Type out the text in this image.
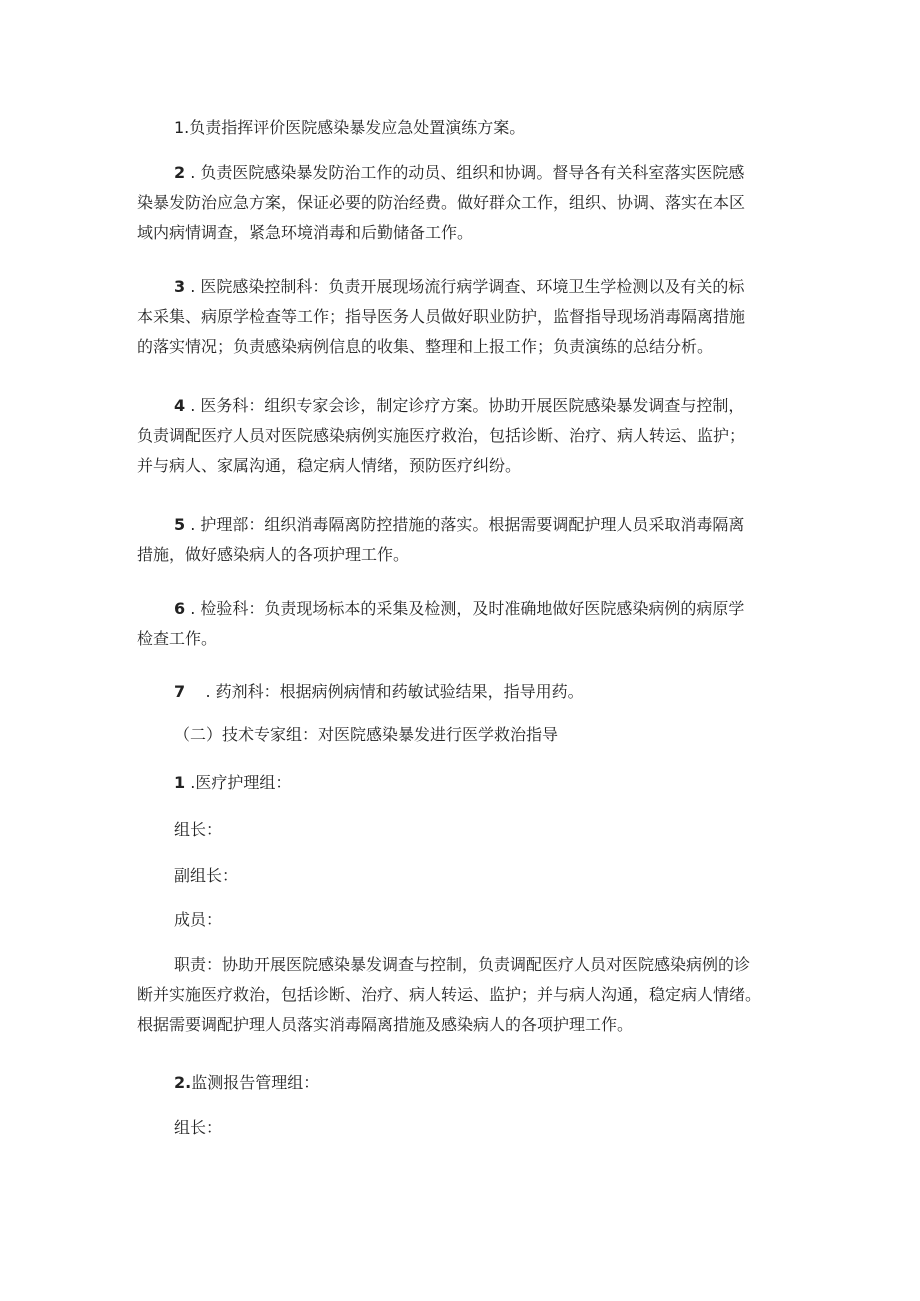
1.负责指挥评价医院感染暴发应急处置演练方案。

2 . 负责医院感染暴发防治工作的动员、组织和协调。督导各有关科室落实医院感
染暴发防治应急方案，保证必要的防治经费。做好群众工作，组织、协调、落实在本区
域内病情调查，紧急环境消毒和后勤储备工作。

3 . 医院感染控制科：负责开展现场流行病学调查、环境卫生学检测以及有关的标
本采集、病原学检查等工作；指导医务人员做好职业防护，监督指导现场消毒隔离措施
的落实情况；负责感染病例信息的收集、整理和上报工作；负责演练的总结分析。

4 . 医务科：组织专家会诊，制定诊疗方案。协助开展医院感染暴发调查与控制，
负责调配医疗人员对医院感染病例实施医疗救治，包括诊断、治疗、病人转运、监护；
并与病人、家属沟通，稳定病人情绪，预防医疗纠纷。

5 . 护理部：组织消毒隔离防控措施的落实。根据需要调配护理人员采取消毒隔离
措施，做好感染病人的各项护理工作。

6 . 检验科：负责现场标本的采集及检测，及时准确地做好医院感染病例的病原学
检查工作。

7    . 药剂科：根据病例病情和药敏试验结果，指导用药。

（二）技术专家组：对医院感染暴发进行医学救治指导

1 .医疗护理组：

组长：

副组长：

成员：

职责：协助开展医院感染暴发调查与控制，负责调配医疗人员对医院感染病例的诊
断并实施医疗救治，包括诊断、治疗、病人转运、监护；并与病人沟通，稳定病人情绪。
根据需要调配护理人员落实消毒隔离措施及感染病人的各项护理工作。

2.监测报告管理组：

组长：
